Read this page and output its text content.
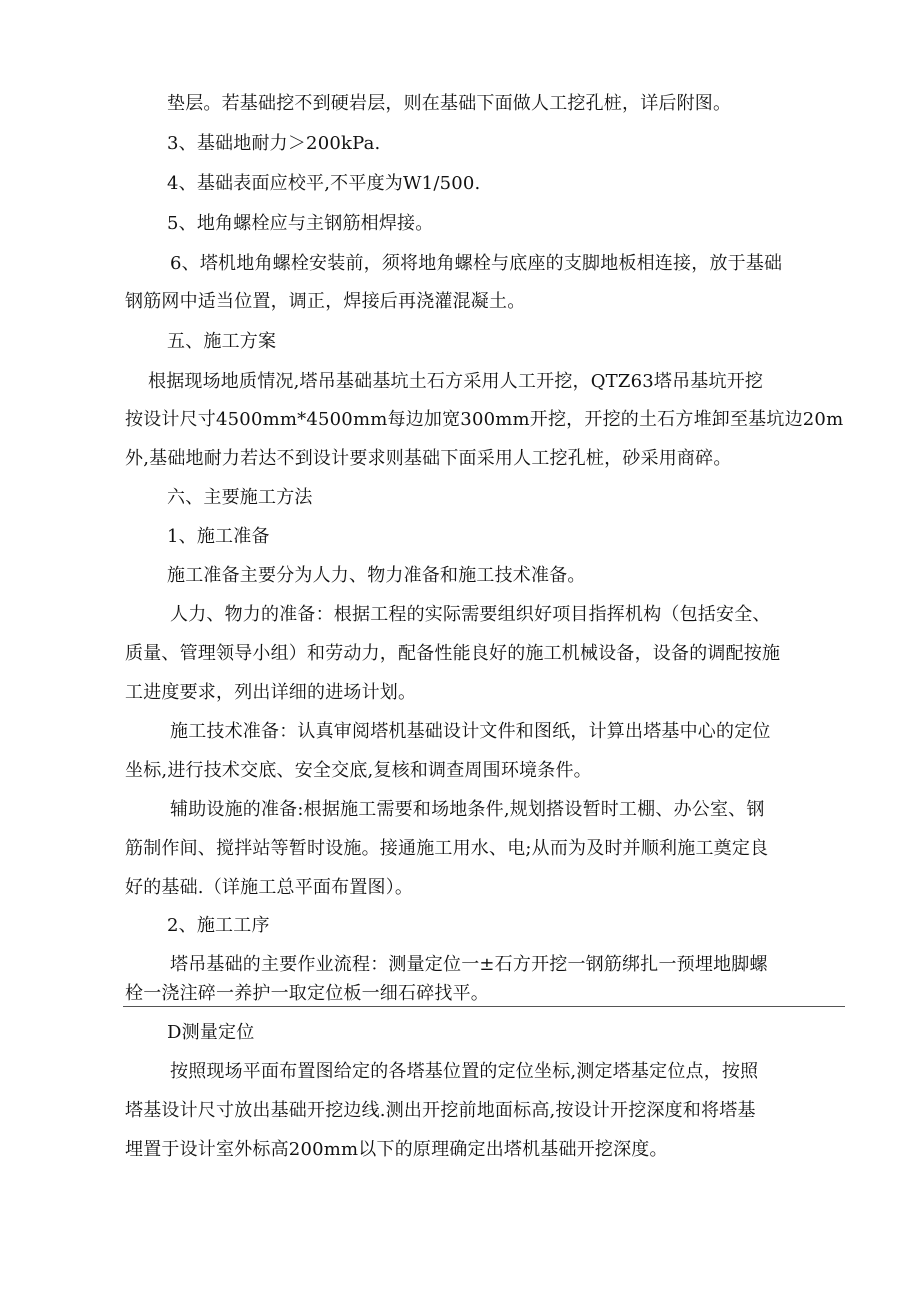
垫层。若基础挖不到硬岩层，则在基础下面做人工挖孔桩，详后附图。
3、基础地耐力＞200kPa.
4、基础表面应校平,不平度为W1/500.
5、地角螺栓应与主钢筋相焊接。
6、塔机地角螺栓安装前，须将地角螺栓与底座的支脚地板相连接，放于基础
钢筋网中适当位置，调正，焊接后再浇灌混凝土。
五、施工方案
根据现场地质情况,塔吊基础基坑土石方采用人工开挖，QTZ63塔吊基坑开挖
按设计尺寸4500mm*4500mm每边加宽300mm开挖，开挖的土石方堆卸至基坑边20m
外,基础地耐力若达不到设计要求则基础下面采用人工挖孔桩，砂采用商碎。
六、主要施工方法
1、施工准备
施工准备主要分为人力、物力准备和施工技术准备。
人力、物力的准备：根据工程的实际需要组织好项目指挥机构（包括安全、
质量、管理领导小组）和劳动力，配备性能良好的施工机械设备，设备的调配按施
工进度要求，列出详细的进场计划。
施工技术准备：认真审阅塔机基础设计文件和图纸，计算出塔基中心的定位
坐标,进行技术交底、安全交底,复核和调查周围环境条件。
辅助设施的准备:根据施工需要和场地条件,规划搭设暂时工棚、办公室、钢
筋制作间、搅拌站等暂时设施。接通施工用水、电;从而为及时并顺利施工奠定良
好的基础.（详施工总平面布置图）。
2、施工工序
塔吊基础的主要作业流程：测量定位一±石方开挖一钢筋绑扎一预埋地脚螺
栓一浇注碎一养护一取定位板一细石碎找平。
D测量定位
按照现场平面布置图给定的各塔基位置的定位坐标,测定塔基定位点，按照
塔基设计尺寸放出基础开挖边线.测出开挖前地面标高,按设计开挖深度和将塔基
埋置于设计室外标高200mm以下的原理确定出塔机基础开挖深度。
